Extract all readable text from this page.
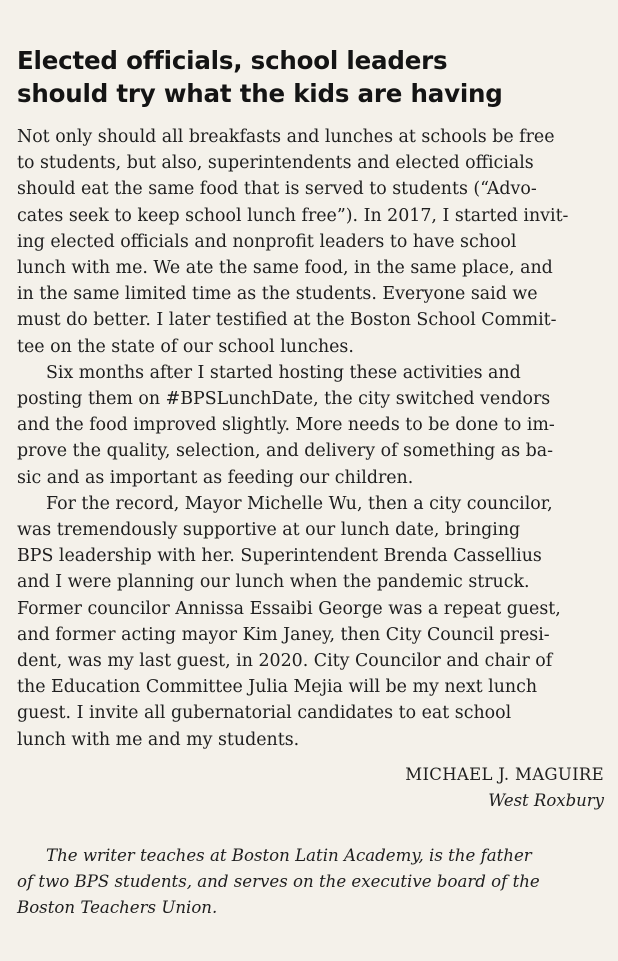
Elected officials, school leaders
should try what the kids are having
Not only should all breakfasts and lunches at schools be free
to students, but also, superintendents and elected officials
should eat the same food that is served to students (“Advo-
cates seek to keep school lunch free”). In 2017, I started invit-
ing elected officials and nonprofit leaders to have school
lunch with me. We ate the same food, in the same place, and
in the same limited time as the students. Everyone said we
must do better. I later testified at the Boston School Commit-
tee on the state of our school lunches.
Six months after I started hosting these activities and
posting them on #BPSLunchDate, the city switched vendors
and the food improved slightly. More needs to be done to im-
prove the quality, selection, and delivery of something as ba-
sic and as important as feeding our children.
For the record, Mayor Michelle Wu, then a city councilor,
was tremendously supportive at our lunch date, bringing
BPS leadership with her. Superintendent Brenda Cassellius
and I were planning our lunch when the pandemic struck.
Former councilor Annissa Essaibi George was a repeat guest,
and former acting mayor Kim Janey, then City Council presi-
dent, was my last guest, in 2020. City Councilor and chair of
the Education Committee Julia Mejia will be my next lunch
guest. I invite all gubernatorial candidates to eat school
lunch with me and my students.
MICHAEL J. MAGUIRE
West Roxbury
The writer teaches at Boston Latin Academy, is the father
of two BPS students, and serves on the executive board of the
Boston Teachers Union.
